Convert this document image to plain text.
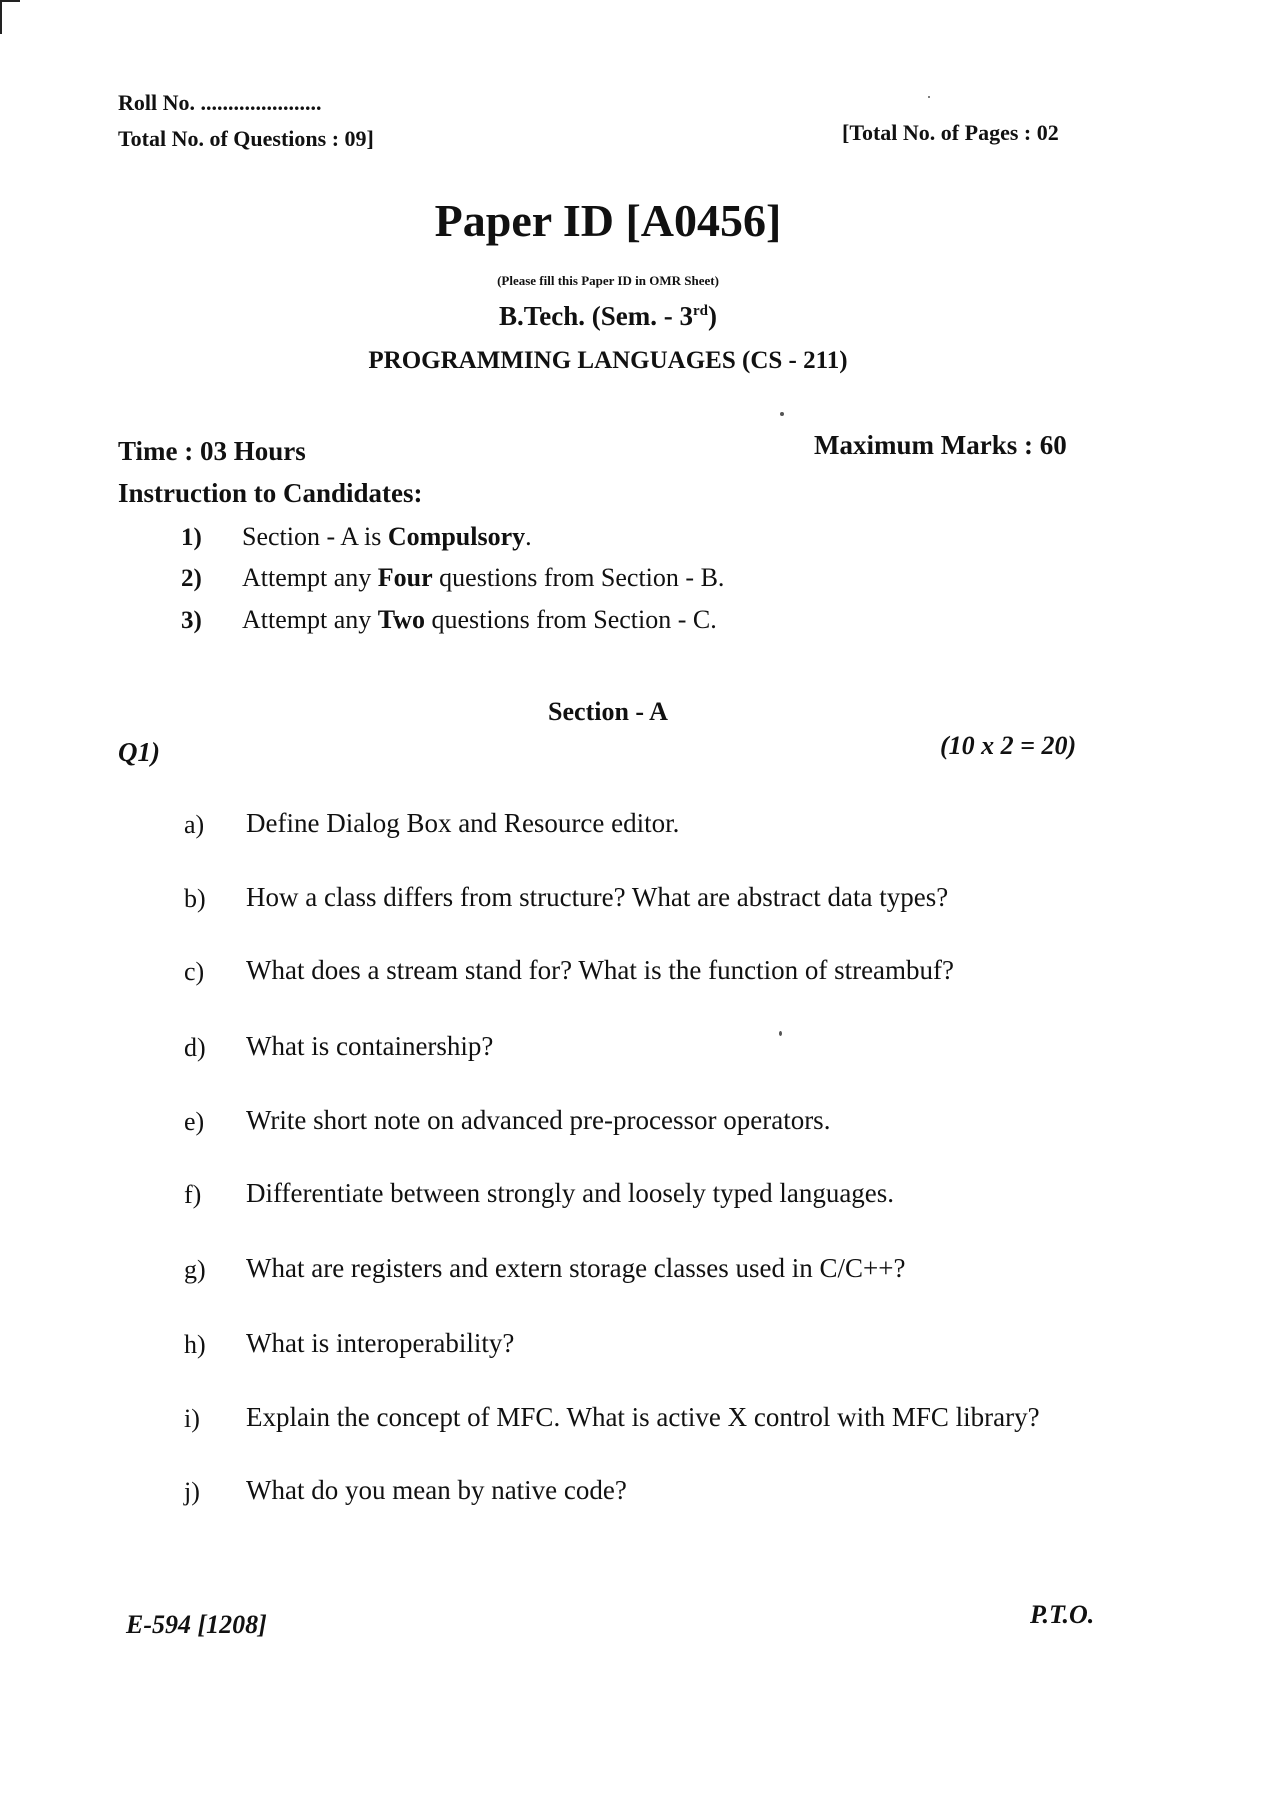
Roll No. ......................
Total No. of Questions : 09]	[Total No. of Pages : 02
Paper ID [A0456]
(Please fill this Paper ID in OMR Sheet)
B.Tech. (Sem. - 3rd)
PROGRAMMING LANGUAGES (CS - 211)
Time : 03 Hours	Maximum Marks : 60
Instruction to Candidates:
1) Section - A is Compulsory.
2) Attempt any Four questions from Section - B.
3) Attempt any Two questions from Section - C.
Section - A
Q1)	(10 x 2 = 20)
a) Define Dialog Box and Resource editor.
b) How a class differs from structure? What are abstract data types?
c) What does a stream stand for? What is the function of streambuf?
d) What is containership?
e) Write short note on advanced pre-processor operators.
f) Differentiate between strongly and loosely typed languages.
g) What are registers and extern storage classes used in C/C++?
h) What is interoperability?
i) Explain the concept of MFC. What is active X control with MFC library?
j) What do you mean by native code?
E-594 [1208]	P.T.O.
